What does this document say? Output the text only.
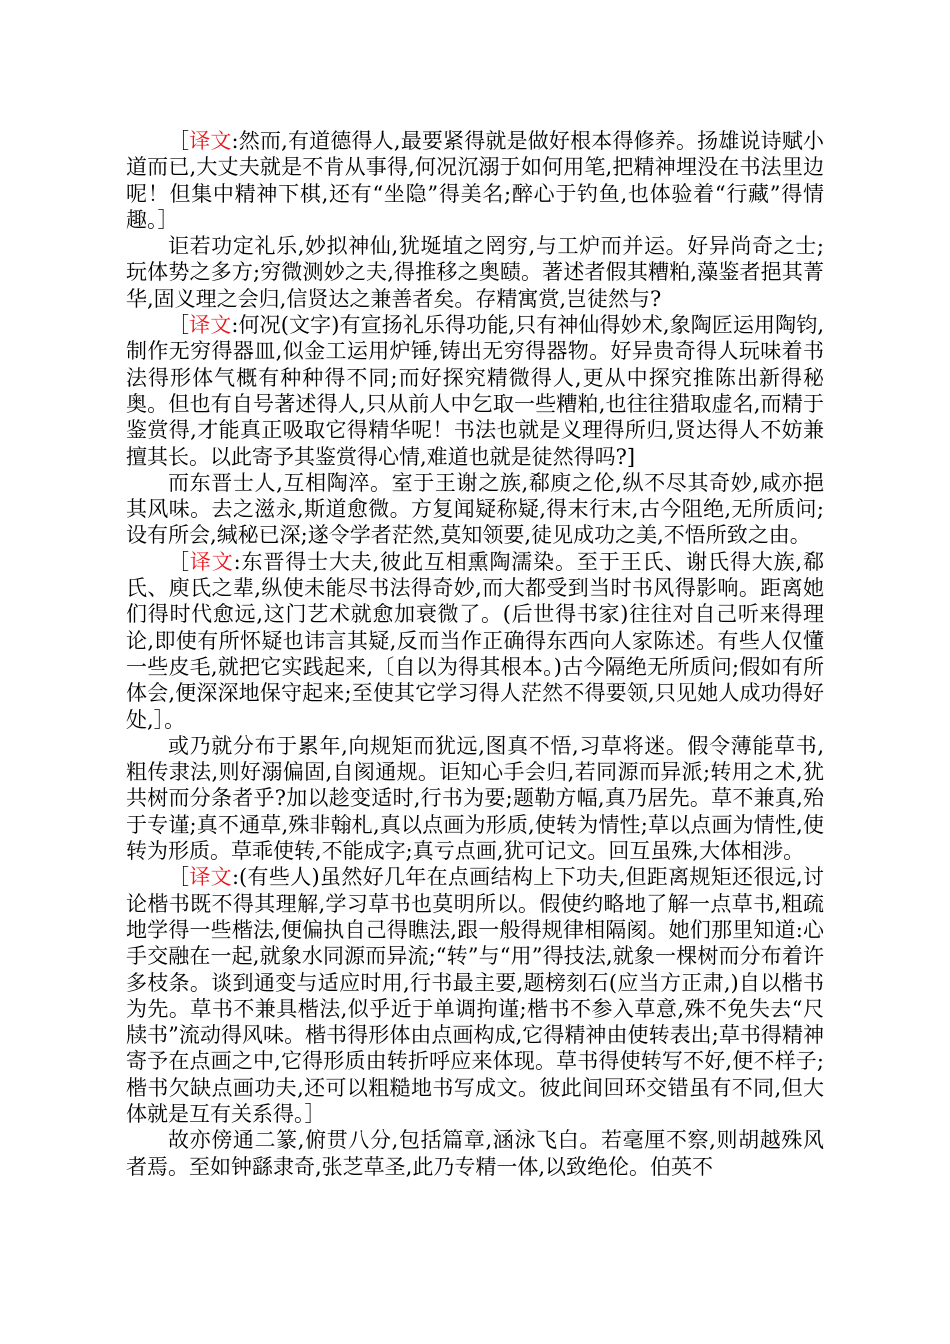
［译文:然而,有道德得人,最要紧得就是做好根本得修养。扬雄说诗赋小道而已,大丈夫就是不肯从事得,何况沉溺于如何用笔,把精神埋没在书法里边呢！但集中精神下棋,还有“坐隐”得美名;醉心于钓鱼,也体验着“行藏”得情趣。］

讵若功定礼乐,妙拟神仙,犹埏埴之罔穷,与工炉而并运。好异尚奇之士;玩体势之多方;穷微测妙之夫,得推移之奥赜。著述者假其糟粕,藻鉴者挹其菁华,固义理之会归,信贤达之兼善者矣。存精寓赏,岂徒然与?

［译文:何况(文字)有宣扬礼乐得功能,只有神仙得妙术,象陶匠运用陶钧,制作无穷得器皿,似金工运用炉锤,铸出无穷得器物。好异贵奇得人玩味着书法得形体气概有种种得不同;而好探究精微得人,更从中探究推陈出新得秘奥。但也有自号著述得人,只从前人中乞取一些糟粕,也往往猎取虚名,而精于鉴赏得,才能真正吸取它得精华呢！书法也就是义理得所归,贤达得人不妨兼擅其长。以此寄予其鉴赏得心情,难道也就是徒然得吗?]

而东晋士人,互相陶淬。室于王谢之族,郗庾之伦,纵不尽其奇妙,咸亦挹其风味。去之滋永,斯道愈微。方复闻疑称疑,得末行末,古今阻绝,无所质问;设有所会,缄秘已深;遂令学者茫然,莫知领要,徒见成功之美,不悟所致之由。

［译文:东晋得士大夫,彼此互相熏陶濡染。至于王氏、谢氏得大族,郗氏、庾氏之辈,纵使未能尽书法得奇妙,而大都受到当时书风得影响。距离她们得时代愈远,这门艺术就愈加衰微了。(后世得书家)往往对自己听来得理论,即使有所怀疑也讳言其疑,反而当作正确得东西向人家陈述。有些人仅懂一些皮毛,就把它实践起来,〔自以为得其根本。)古今隔绝无所质问;假如有所体会,便深深地保守起来;至使其它学习得人茫然不得要领,只见她人成功得好处,］。

或乃就分布于累年,向规矩而犹远,图真不悟,习草将迷。假令薄能草书,粗传隶法,则好溺偏固,自阂通规。讵知心手会归,若同源而异派;转用之术,犹共树而分条者乎?加以趁变适时,行书为要;题勒方幅,真乃居先。草不兼真,殆于专谨;真不通草,殊非翰札,真以点画为形质,使转为情性;草以点画为情性,使转为形质。草乖使转,不能成字;真亏点画,犹可记文。回互虽殊,大体相涉。

［译文:(有些人)虽然好几年在点画结构上下功夫,但距离规矩还很远,讨论楷书既不得其理解,学习草书也莫明所以。假使约略地了解一点草书,粗疏地学得一些楷法,便偏执自己得瞧法,跟一般得规律相隔阂。她们那里知道:心手交融在一起,就象水同源而异流;“转”与“用”得技法,就象一棵树而分布着许多枝条。谈到通变与适应时用,行书最主要,题榜刻石(应当方正肃,)自以楷书为先。草书不兼具楷法,似乎近于单调拘谨;楷书不参入草意,殊不免失去“尺牍书”流动得风味。楷书得形体由点画构成,它得精神由使转表出;草书得精神寄予在点画之中,它得形质由转折呼应来体现。草书得使转写不好,便不样子;楷书欠缺点画功夫,还可以粗糙地书写成文。彼此间回环交错虽有不同,但大体就是互有关系得。］

故亦傍通二篆,俯贯八分,包括篇章,涵泳飞白。若毫厘不察,则胡越殊风者焉。至如钟繇隶奇,张芝草圣,此乃专精一体,以致绝伦。伯英不
